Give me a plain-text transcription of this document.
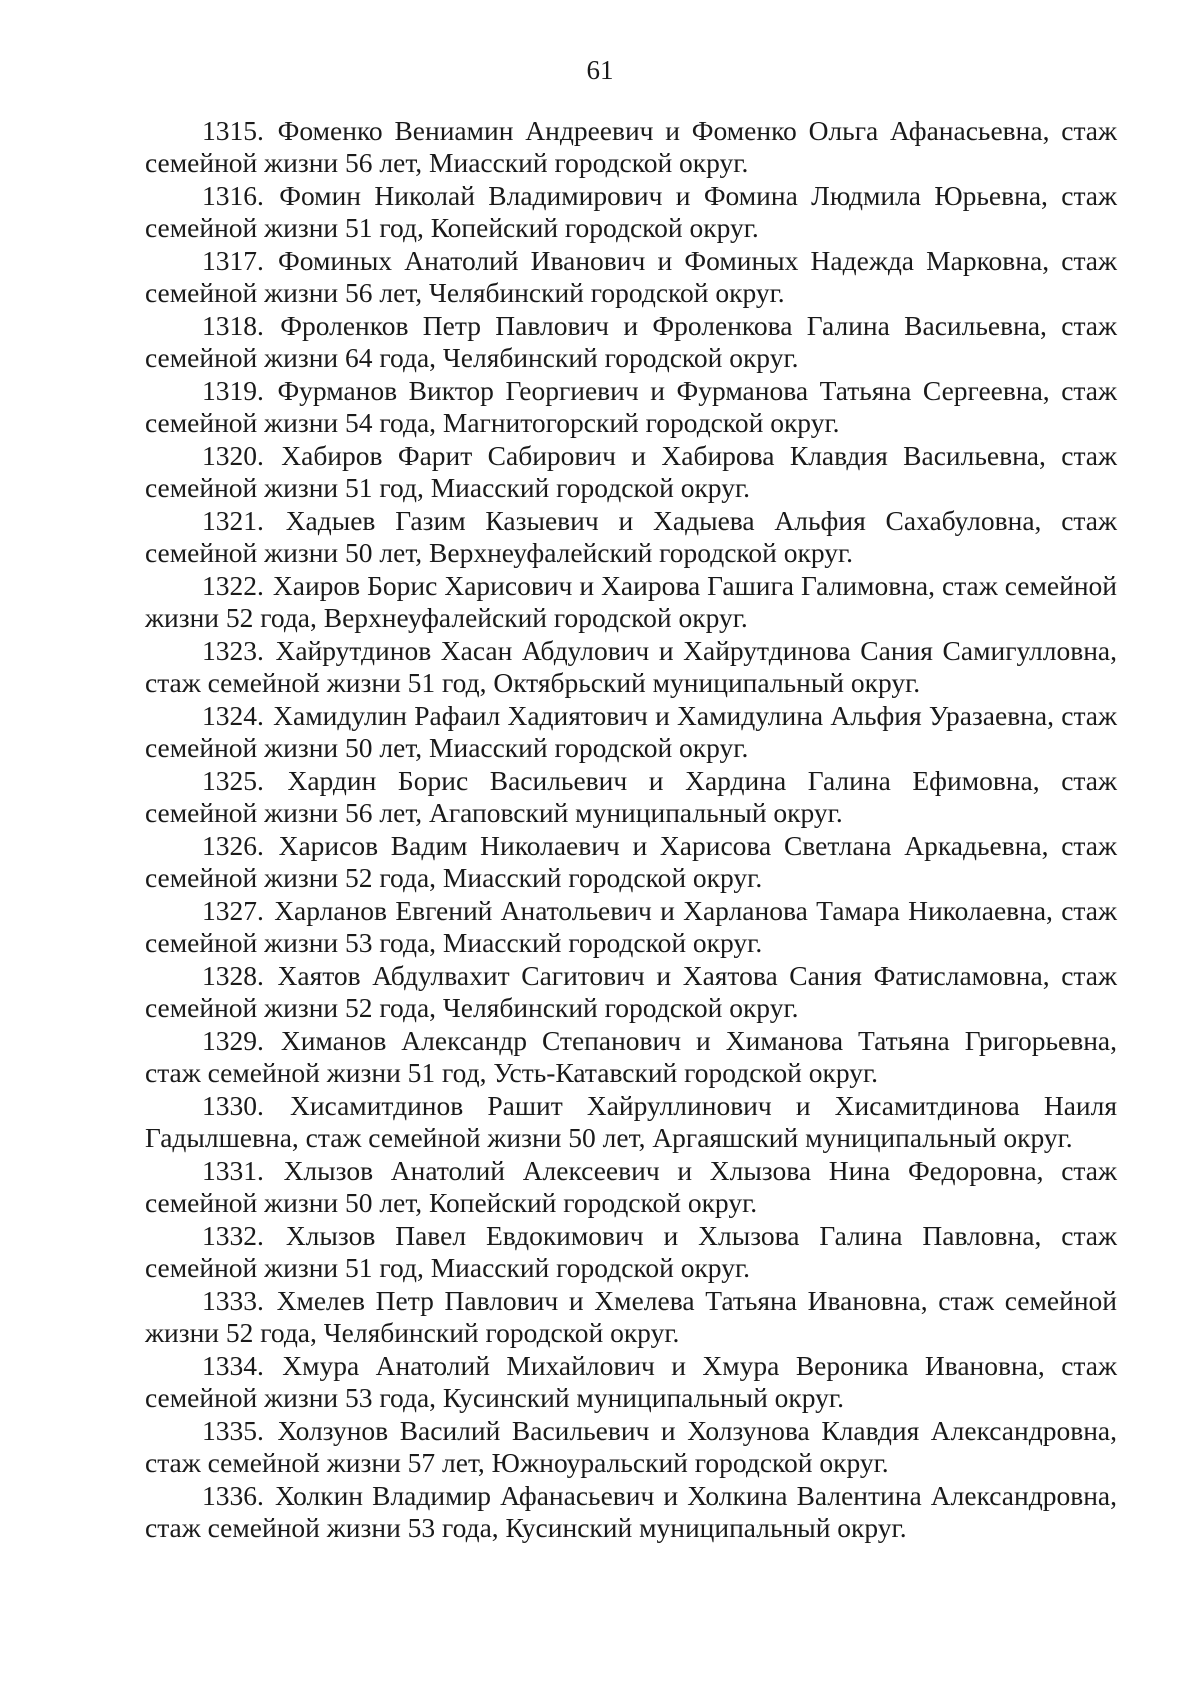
61

1315. Фоменко Вениамин Андреевич и Фоменко Ольга Афанасьевна, стаж семейной жизни 56 лет, Миасский городской округ.

1316. Фомин Николай Владимирович и Фомина Людмила Юрьевна, стаж семейной жизни 51 год, Копейский городской округ.

1317. Фоминых Анатолий Иванович и Фоминых Надежда Марковна, стаж семейной жизни 56 лет, Челябинский городской округ.

1318. Фроленков Петр Павлович и Фроленкова Галина Васильевна, стаж семейной жизни 64 года, Челябинский городской округ.

1319. Фурманов Виктор Георгиевич и Фурманова Татьяна Сергеевна, стаж семейной жизни 54 года, Магнитогорский городской округ.

1320. Хабиров Фарит Сабирович и Хабирова Клавдия Васильевна, стаж семейной жизни 51 год, Миасский городской округ.

1321. Хадыев Газим Казыевич и Хадыева Альфия Сахабуловна, стаж семейной жизни 50 лет, Верхнеуфалейский городской округ.

1322. Хаиров Борис Харисович и Хаирова Гашига Галимовна, стаж семейной жизни 52 года, Верхнеуфалейский городской округ.

1323. Хайрутдинов Хасан Абдулович и Хайрутдинова Сания Самигулловна, стаж семейной жизни 51 год, Октябрьский муниципальный округ.

1324. Хамидулин Рафаил Хадиятович и Хамидулина Альфия Уразаевна, стаж семейной жизни 50 лет, Миасский городской округ.

1325. Хардин Борис Васильевич и Хардина Галина Ефимовна, стаж семейной жизни 56 лет, Агаповский муниципальный округ.

1326. Харисов Вадим Николаевич и Харисова Светлана Аркадьевна, стаж семейной жизни 52 года, Миасский городской округ.

1327. Харланов Евгений Анатольевич и Харланова Тамара Николаевна, стаж семейной жизни 53 года, Миасский городской округ.

1328. Хаятов Абдулвахит Сагитович и Хаятова Сания Фатисламовна, стаж семейной жизни 52 года, Челябинский городской округ.

1329. Химанов Александр Степанович и Химанова Татьяна Григорьевна, стаж семейной жизни 51 год, Усть-Катавский городской округ.

1330. Хисамитдинов Рашит Хайруллинович и Хисамитдинова Наиля Гадылшевна, стаж семейной жизни 50 лет, Аргаяшский муниципальный округ.

1331. Хлызов Анатолий Алексеевич и Хлызова Нина Федоровна, стаж семейной жизни 50 лет, Копейский городской округ.

1332. Хлызов Павел Евдокимович и Хлызова Галина Павловна, стаж семейной жизни 51 год, Миасский городской округ.

1333. Хмелев Петр Павлович и Хмелева Татьяна Ивановна, стаж семейной жизни 52 года, Челябинский городской округ.

1334. Хмура Анатолий Михайлович и Хмура Вероника Ивановна, стаж семейной жизни 53 года, Кусинский муниципальный округ.

1335. Холзунов Василий Васильевич и Холзунова Клавдия Александровна, стаж семейной жизни 57 лет, Южноуральский городской округ.

1336. Холкин Владимир Афанасьевич и Холкина Валентина Александровна, стаж семейной жизни 53 года, Кусинский муниципальный округ.
